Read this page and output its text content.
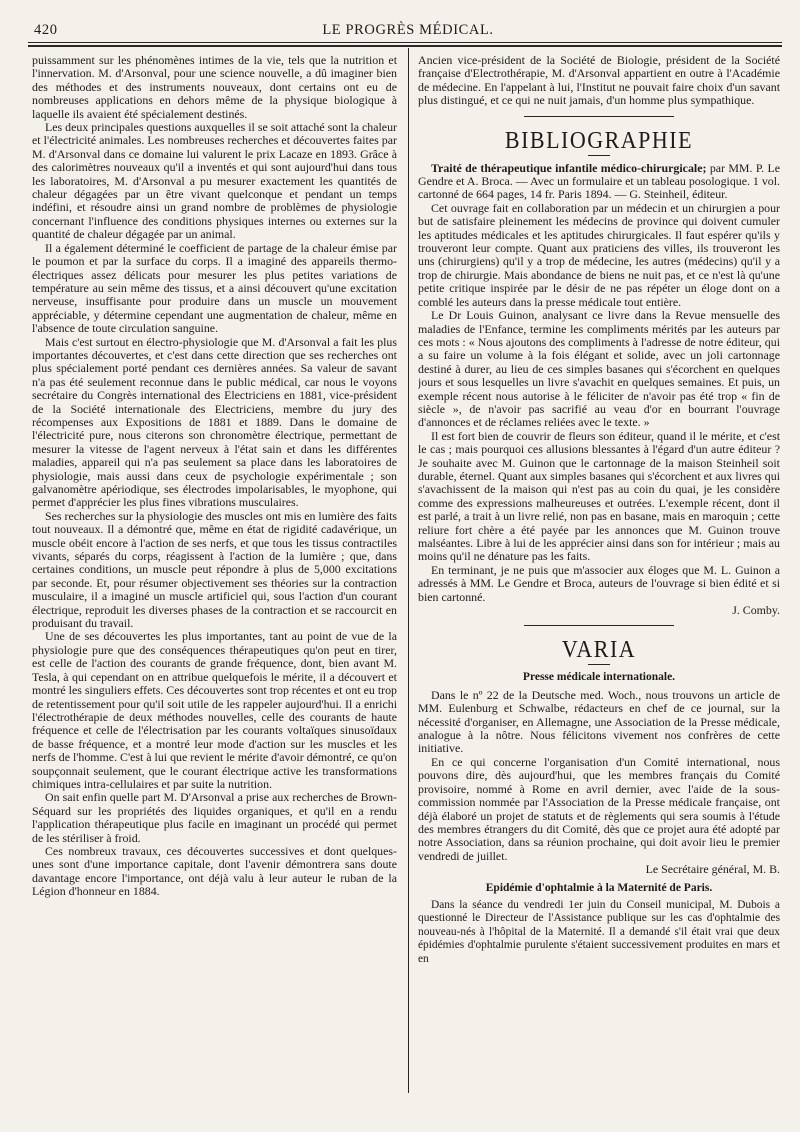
420	LE PROGRÈS MÉDICAL.

puissamment sur les phénomènes intimes de la vie, tels que la nutrition et l'innervation. M. d'Arsonval, pour une science nouvelle, a dû imaginer bien des méthodes et des instruments nouveaux, dont certains ont eu de nombreuses applications en dehors même de la physique biologique à laquelle ils avaient été spécialement destinés.

Les deux principales questions auxquelles il se soit attaché sont la chaleur et l'électricité animales. Les nombreuses recherches et découvertes faites par M. d'Arsonval dans ce domaine lui valurent le prix Lacaze en 1893. Grâce à des calorimètres nouveaux qu'il a inventés et qui sont aujourd'hui dans tous les laboratoires, M. d'Arsonval a pu mesurer exactement les quantités de chaleur dégagées par un être vivant quelconque et pendant un temps indéfini, et résoudre ainsi un grand nombre de problèmes de physiologie concernant l'influence des conditions physiques internes ou externes sur la quantité de chaleur dégagée par un animal.

Il a également déterminé le coefficient de partage de la chaleur émise par le poumon et par la surface du corps. Il a imaginé des appareils thermo-électriques assez délicats pour mesurer les plus petites variations de température au sein même des tissus, et a ainsi découvert qu'une excitation nerveuse, insuffisante pour produire dans un muscle un mouvement appréciable, y détermine cependant une augmentation de chaleur, même en l'absence de toute circulation sanguine.

Mais c'est surtout en électro-physiologie que M. d'Arsonval a fait les plus importantes découvertes, et c'est dans cette direction que ses recherches ont plus spécialement porté pendant ces dernières années. Sa valeur de savant n'a pas été seulement reconnue dans le public médical, car nous le voyons secrétaire du Congrès international des Electriciens en 1881, vice-président de la Société internationale des Electriciens, membre du jury des récompenses aux Expositions de 1881 et 1889. Dans le domaine de l'électricité pure, nous citerons son chronomètre électrique, permettant de mesurer la vitesse de l'agent nerveux à l'état sain et dans les différentes maladies, appareil qui n'a pas seulement sa place dans les laboratoires de physiologie, mais aussi dans ceux de psychologie expérimentale ; son galvanomètre apériodique, ses électrodes impolarisables, le myophone, qui permet d'apprécier les plus fines vibrations musculaires.

Ses recherches sur la physiologie des muscles ont mis en lumière des faits tout nouveaux. Il a démontré que, même en état de rigidité cadavérique, un muscle obéit encore à l'action de ses nerfs, et que tous les tissus contractiles vivants, séparés du corps, réagissent à l'action de la lumière ; que, dans certaines conditions, un muscle peut répondre à plus de 5,000 excitations par seconde. Et, pour résumer objectivement ses théories sur la contraction musculaire, il a imaginé un muscle artificiel qui, sous l'action d'un courant électrique, reproduit les diverses phases de la contraction et se raccourcit en produisant du travail.

Une de ses découvertes les plus importantes, tant au point de vue de la physiologie pure que des conséquences thérapeutiques qu'on peut en tirer, est celle de l'action des courants de grande fréquence, dont, bien avant M. Tesla, à qui cependant on en attribue quelquefois le mérite, il a découvert et montré les singuliers effets. Ces découvertes sont trop récentes et ont eu trop de retentissement pour qu'il soit utile de les rappeler aujourd'hui. Il a enrichi l'électrothérapie de deux méthodes nouvelles, celle des courants de haute fréquence et celle de l'électrisation par les courants voltaïques sinusoïdaux de basse fréquence, et a montré leur mode d'action sur les muscles et les nerfs de l'homme. C'est à lui que revient le mérite d'avoir démontré, ce qu'on soupçonnait seulement, que le courant électrique active les transformations chimiques intra-cellulaires et par suite la nutrition.

On sait enfin quelle part M. D'Arsonval a prise aux recherches de Brown-Séquard sur les propriétés des liquides organiques, et qu'il en a rendu l'application thérapeutique plus facile en imaginant un procédé qui permet de les stériliser à froid.

Ces nombreux travaux, ces découvertes successives et dont quelques-unes sont d'une importance capitale, dont l'avenir démontrera sans doute davantage encore l'importance, ont déjà valu à leur auteur le ruban de la Légion d'honneur en 1884.

Ancien vice-président de la Société de Biologie, président de la Société française d'Electrothérapie, M. d'Arsonval appartient en outre à l'Académie de médecine. En l'appelant à lui, l'Institut ne pouvait faire choix d'un savant plus distingué, et ce qui ne nuit jamais, d'un homme plus sympathique.

BIBLIOGRAPHIE

Traité de thérapeutique infantile médico-chirurgicale; par MM. P. Le Gendre et A. Broca. — Avec un formulaire et un tableau posologique. 1 vol. cartonné de 664 pages, 14 fr. Paris 1894. — G. Steinheil, éditeur.

Cet ouvrage fait en collaboration par un médecin et un chirurgien a pour but de satisfaire pleinement les médecins de province qui doivent cumuler les aptitudes médicales et les aptitudes chirurgicales. Il faut espérer qu'ils y trouveront leur compte. Quant aux praticiens des villes, ils trouveront les uns (chirurgiens) qu'il y a trop de médecine, les autres (médecins) qu'il y a trop de chirurgie. Mais abondance de biens ne nuit pas, et ce n'est là qu'une petite critique inspirée par le désir de ne pas répéter un éloge dont on a comblé les auteurs dans la presse médicale tout entière.

Le Dr Louis Guinon, analysant ce livre dans la Revue mensuelle des maladies de l'Enfance, termine les compliments mérités par les auteurs par ces mots : « Nous ajoutons des compliments à l'adresse de notre éditeur, qui a su faire un volume à la fois élégant et solide, avec un joli cartonnage destiné à durer, au lieu de ces simples basanes qui s'écorchent en quelques jours et sous lesquelles un livre s'avachit en quelques semaines. Et puis, un exemple récent nous autorise à le féliciter de n'avoir pas été trop « fin de siècle », de n'avoir pas sacrifié au veau d'or en bourrant l'ouvrage d'annonces et de réclames reliées avec le texte. »

Il est fort bien de couvrir de fleurs son éditeur, quand il le mérite, et c'est le cas ; mais pourquoi ces allusions blessantes à l'égard d'un autre éditeur ? Je souhaite avec M. Guinon que le cartonnage de la maison Steinheil soit durable, éternel. Quant aux simples basanes qui s'écorchent et aux livres qui s'avachissent de la maison qui n'est pas au coin du quai, je les considère comme des expressions malheureuses et outrées. L'exemple récent, dont il est parlé, a trait à un livre relié, non pas en basane, mais en maroquin ; cette reliure fort chère a été payée par les annonces que M. Guinon trouve malséantes. Libre à lui de les apprécier ainsi dans son for intérieur ; mais au moins qu'il ne dénature pas les faits.

En terminant, je ne puis que m'associer aux éloges que M. L. Guinon a adressés à MM. Le Gendre et Broca, auteurs de l'ouvrage si bien édité et si bien cartonné.

J. Comby.
VARIA
Presse médicale internationale.

Dans le nº 22 de la Deutsche med. Woch., nous trouvons un article de MM. Eulenburg et Schwalbe, rédacteurs en chef de ce journal, sur la nécessité d'organiser, en Allemagne, une Association de la Presse médicale, analogue à la nôtre. Nous félicitons vivement nos confrères de cette initiative.

En ce qui concerne l'organisation d'un Comité international, nous pouvons dire, dès aujourd'hui, que les membres français du Comité provisoire, nommé à Rome en avril dernier, avec l'aide de la sous-commission nommée par l'Association de la Presse médicale française, ont déjà élaboré un projet de statuts et de règlements qui sera soumis à l'étude des membres étrangers du dit Comité, dès que ce projet aura été adopté par notre Association, dans sa réunion prochaine, qui doit avoir lieu le premier vendredi de juillet.

Le Secrétaire général, M. B.
Epidémie d'ophtalmie à la Maternité de Paris.

Dans la séance du vendredi 1er juin du Conseil municipal, M. Dubois a questionné le Directeur de l'Assistance publique sur les cas d'ophtalmie des nouveau-nés à l'hôpital de la Maternité. Il a demandé s'il était vrai que deux épidémies d'ophtalmie purulente s'étaient successivement produites en mars et en
